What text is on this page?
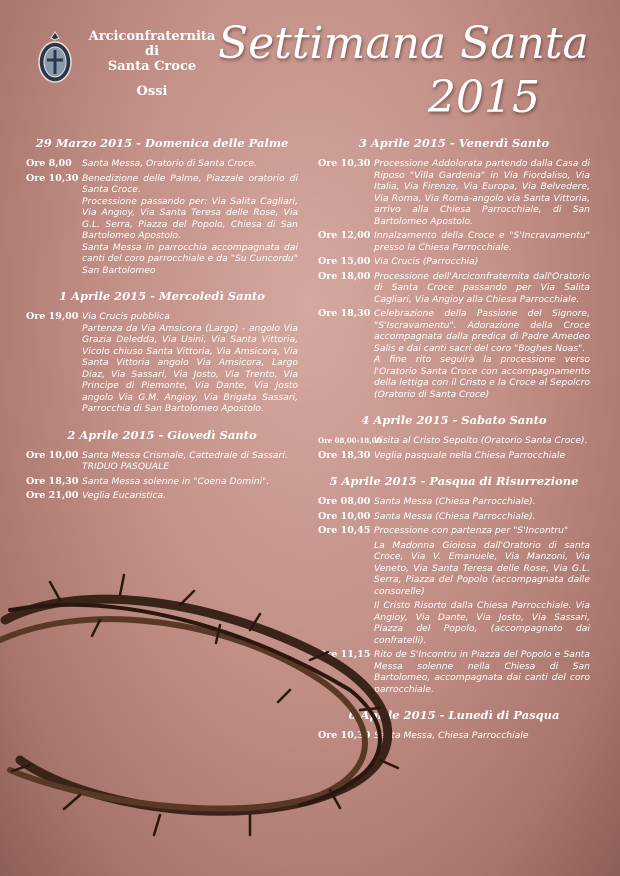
Arciconfraternita di
Santa Croce
Ossi
Settimana Santa
2015
29 Marzo 2015 - Domenica delle Palme
Ore 8,00	Santa Messa, Oratorio di Santa Croce.

Ore 10,30 Benedizione delle Palme, Piazzale oratorio di Santa Croce.

Processione passando per: Via Salita Cagliari, Via Angioy, Via Santa Teresa delle Rose, Via G.L. Serra, Piazza del Popolo, Chiesa di San Bartolomeo Apostolo.

Santa Messa in parrocchia accompagnata dai canti del coro parrocchiale e da "Su Cuncordu" San Bartolomeo

1 Aprile 2015 - Mercoledì Santo
Ore 19,00 Via Crucis pubblica

Partenza da Via Amsicora (Largo) - angolo Via Grazia Deledda, Via Usini, Via Santa Vittoria, Vicolo chiuso Santa Vittoria, Via Amsicora, Via Santa Vittoria angolo Via Amsicora, Largo Diaz, Via Sassari, Via Josto, Via Trento, Via Principe di Piemonte, Via Dante, Via Josto angolo Via G.M. Angioy, Via Brigata Sassari, Parrocchia di San Bartolomeo Apostolo.

2 Aprile 2015 - Giovedì Santo
Ore 10,00 Santa Messa Crismale, Cattedrale di Sassari.

TRIDUO PASQUALE

Ore 18,30 Santa Messa solenne in "Coena Domini".

Ore 21,00 Veglia Eucaristica.

3 Aprile 2015 - Venerdì Santo
Ore 10,30 Processione Addolorata partendo dalla Casa di Riposo "Villa Gardenia" in Via Fiordaliso, Via Italia, Via Firenze, Via Europa, Via Belvedere, Via Roma, Via Roma-angolo via Santa Vittoria, arrivo alla Chiesa Parrocchiale, di San Bartolomeo Apostolo.

Ore 12,00 Innalzamento della Croce e "S'Incravamentu" presso la Chiesa Parrocchiale.

Ore 15,00 Via Crucis (Parrocchia)

Ore 18,00 Processione dell'Arciconfraternita dall'Oratorio di Santa Croce passando per Via Salita Cagliari, Via Angioy alla Chiesa Parrocchiale.

Ore 18,30 Celebrazione della Passione del Signore, "S'Iscravamentu". Adorazione della Croce accompagnata dalla predica di Padre Amedeo Salis e dai canti sacri del coro "Boghes Noas".

A fine rito seguirà la processione verso l'Oratorio Santa Croce con accompagnamento della lettiga con il Cristo e la Croce al Sepolcro (Oratorio di Santa Croce)

4 Aprile 2015 - Sabato Santo
Ore 08,00-18,00

Visita al Cristo Sepolto (Oratorio Santa Croce).

Ore 18,30 Veglia pasquale nella Chiesa Parrocchiale

5 Aprile 2015 - Pasqua di Risurrezione
Ore 08,00 Santa Messa (Chiesa Parrocchiale).

Ore 10,00 Santa Messa (Chiesa Parrocchiale).

Ore 10,45 Processione con partenza per "S'Incontru"

La Madonna Gioiosa dall'Oratorio di santa Croce, Via V. Emanuele, Via Manzoni, Via Veneto, Via Santa Teresa delle Rose, Via G.L. Serra, Piazza del Popolo (accompagnata dalle consorelle)

Il Cristo Risorto dalla Chiesa Parrocchiale. Via Angioy, Via Dante, Via Josto, Via Sassari, Piazza del Popolo, (accompagnato dai confratelli).

Ore 11,15 Rito de S'Incontru in Piazza del Popolo e Santa Messa solenne nella Chiesa di San Bartolomeo, accompagnata dai canti del coro parrocchiale.

6 Aprile 2015 - Lunedì di Pasqua
Ore 10,30 Santa Messa, Chiesa Parrocchiale
